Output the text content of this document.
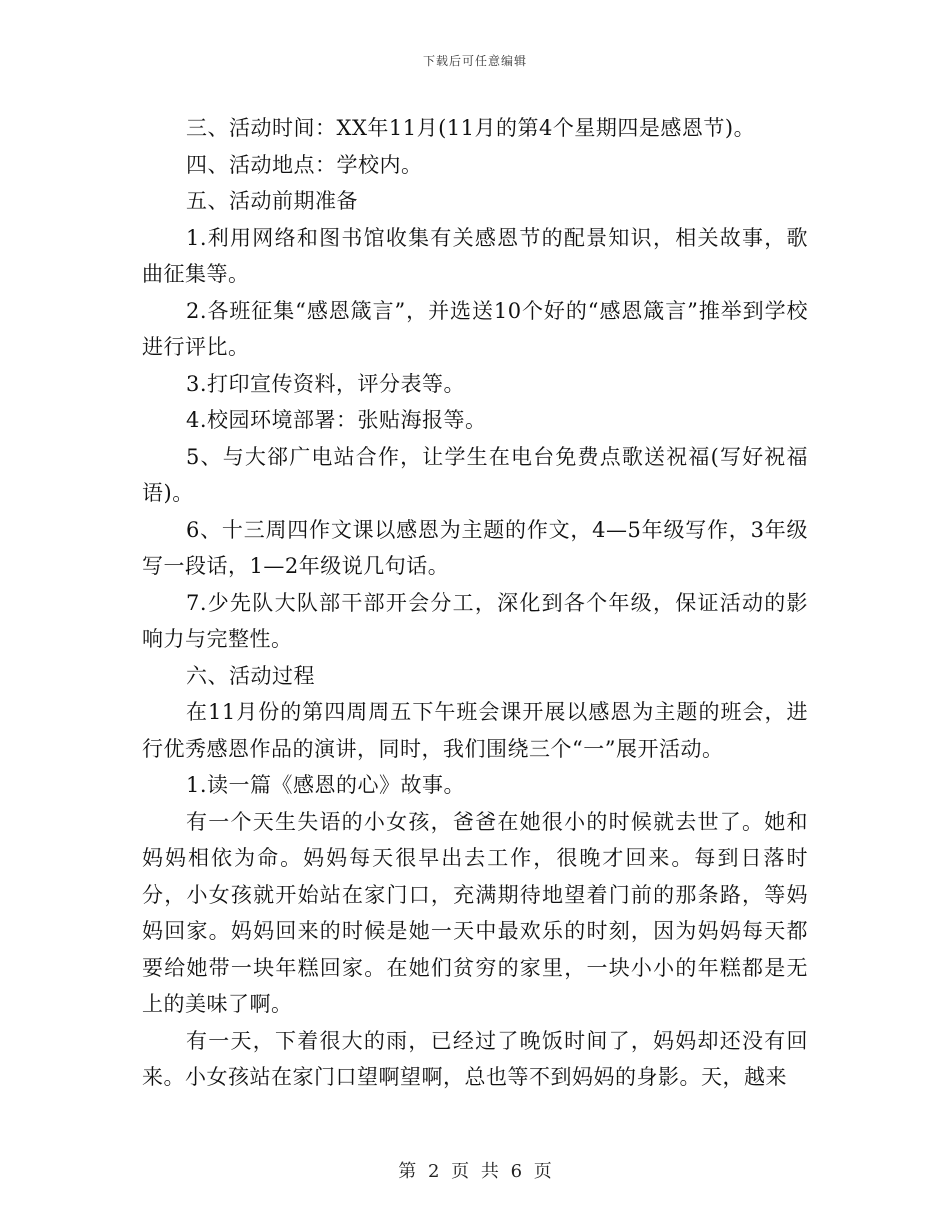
下载后可任意编辑

三、活动时间：XX年11月(11月的第4个星期四是感恩节)。

四、活动地点：学校内。

五、活动前期准备

1.利用网络和图书馆收集有关感恩节的配景知识，相关故事，歌曲征集等。

2.各班征集“感恩箴言”，并选送10个好的“感恩箴言”推举到学校进行评比。

3.打印宣传资料，评分表等。

4.校园环境部署：张贴海报等。

5、与大郤广电站合作，让学生在电台免费点歌送祝福(写好祝福语)。

6、十三周四作文课以感恩为主题的作文，4—5年级写作，3年级写一段话，1—2年级说几句话。

7.少先队大队部干部开会分工，深化到各个年级，保证活动的影响力与完整性。

六、活动过程

在11月份的第四周周五下午班会课开展以感恩为主题的班会，进行优秀感恩作品的演讲，同时，我们围绕三个“一”展开活动。

1.读一篇《感恩的心》故事。

有一个天生失语的小女孩，爸爸在她很小的时候就去世了。她和妈妈相依为命。妈妈每天很早出去工作，很晚才回来。每到日落时分，小女孩就开始站在家门口，充满期待地望着门前的那条路，等妈妈回家。妈妈回来的时候是她一天中最欢乐的时刻，因为妈妈每天都要给她带一块年糕回家。在她们贫穷的家里，一块小小的年糕都是无上的美味了啊。

有一天，下着很大的雨，已经过了晚饭时间了，妈妈却还没有回来。小女孩站在家门口望啊望啊，总也等不到妈妈的身影。天，越来

第 2 页 共 6 页
